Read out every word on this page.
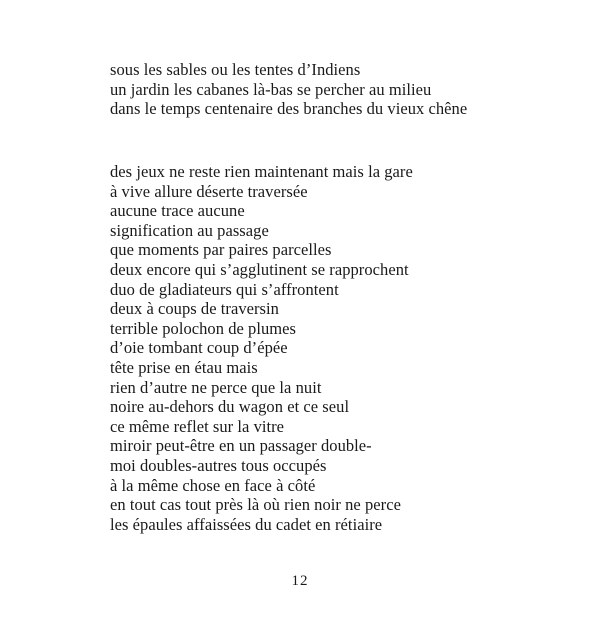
sous les sables ou les tentes d’Indiens
un jardin les cabanes là-bas se percher au milieu
dans le temps centenaire des branches du vieux chêne
des jeux ne reste rien maintenant mais la gare
à vive allure déserte traversée
aucune trace aucune
signification au passage
que moments par paires parcelles
deux encore qui s’agglutinent se rapprochent
duo de gladiateurs qui s’affrontent
deux à coups de traversin
terrible polochon de plumes
d’oie tombant coup d’épée
tête prise en étau mais
rien d’autre ne perce que la nuit
noire au-dehors du wagon et ce seul
ce même reflet sur la vitre
miroir peut-être en un passager double-
moi doubles-autres tous occupés
à la même chose en face à côté
en tout cas tout près là où rien noir ne perce
les épaules affaissées du cadet en rétiaire
12
